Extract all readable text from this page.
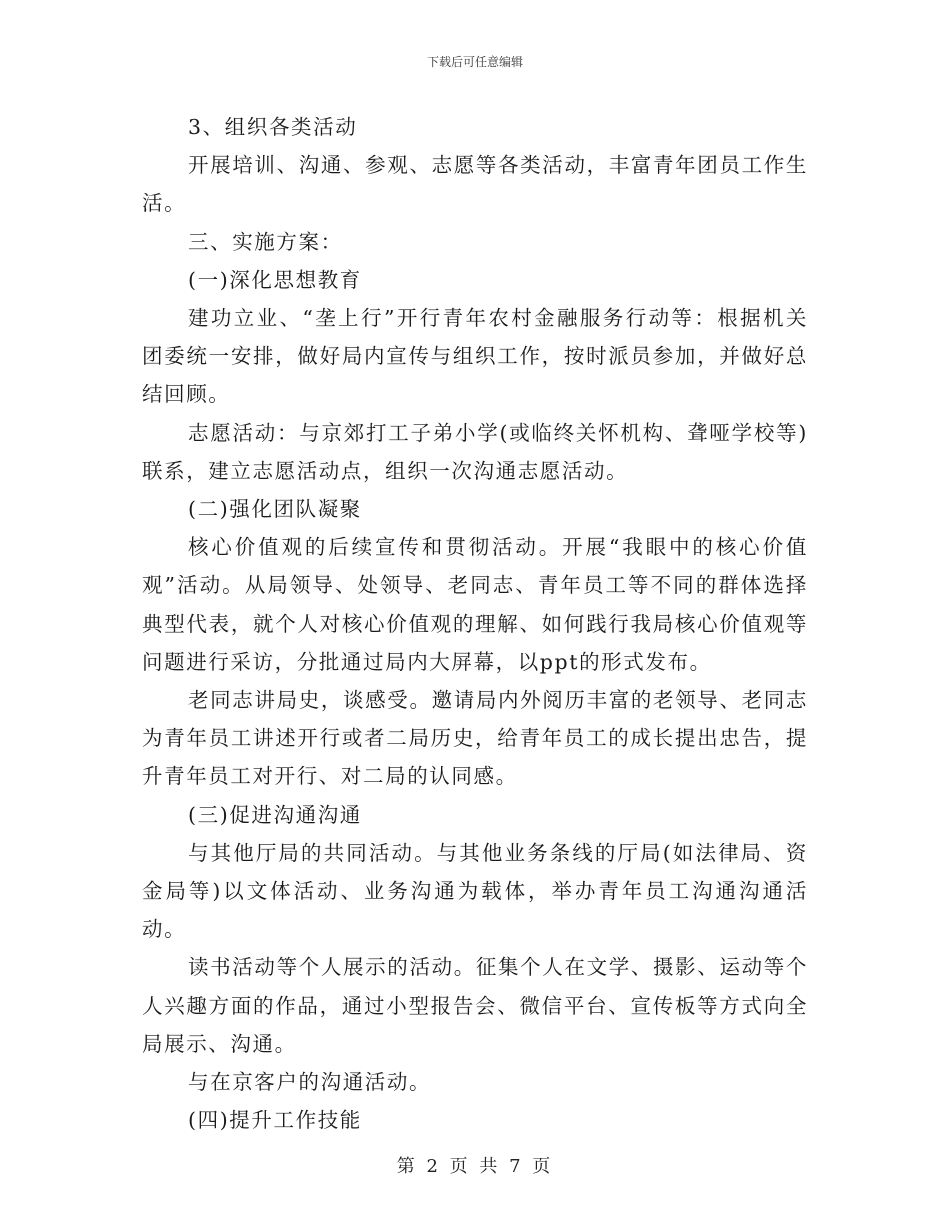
下载后可任意编辑

3、组织各类活动

开展培训、沟通、参观、志愿等各类活动，丰富青年团员工作生活。

三、实施方案：

(一)深化思想教育

建功立业、“垄上行”开行青年农村金融服务行动等：根据机关团委统一安排，做好局内宣传与组织工作，按时派员参加，并做好总结回顾。

志愿活动：与京郊打工子弟小学(或临终关怀机构、聋哑学校等)联系，建立志愿活动点，组织一次沟通志愿活动。

(二)强化团队凝聚

核心价值观的后续宣传和贯彻活动。开展“我眼中的核心价值观”活动。从局领导、处领导、老同志、青年员工等不同的群体选择典型代表，就个人对核心价值观的理解、如何践行我局核心价值观等问题进行采访，分批通过局内大屏幕，以ppt的形式发布。

老同志讲局史，谈感受。邀请局内外阅历丰富的老领导、老同志为青年员工讲述开行或者二局历史，给青年员工的成长提出忠告，提升青年员工对开行、对二局的认同感。

(三)促进沟通沟通

与其他厅局的共同活动。与其他业务条线的厅局(如法律局、资金局等)以文体活动、业务沟通为载体，举办青年员工沟通沟通活动。

读书活动等个人展示的活动。征集个人在文学、摄影、运动等个人兴趣方面的作品，通过小型报告会、微信平台、宣传板等方式向全局展示、沟通。

与在京客户的沟通活动。

(四)提升工作技能

第 2 页 共 7 页
